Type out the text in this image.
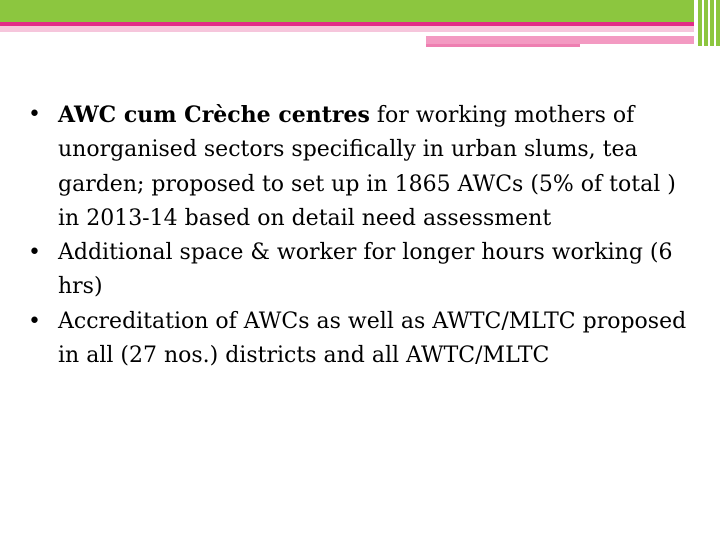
• AWC cum Crèche centres for working mothers of unorganised sectors specifically in urban slums, tea garden; proposed to set up in 1865 AWCs (5% of total ) in 2013-14 based on detail need assessment
• Additional space & worker for longer hours working (6 hrs)
• Accreditation of AWCs as well as AWTC/MLTC proposed in all (27 nos.) districts and all AWTC/MLTC
